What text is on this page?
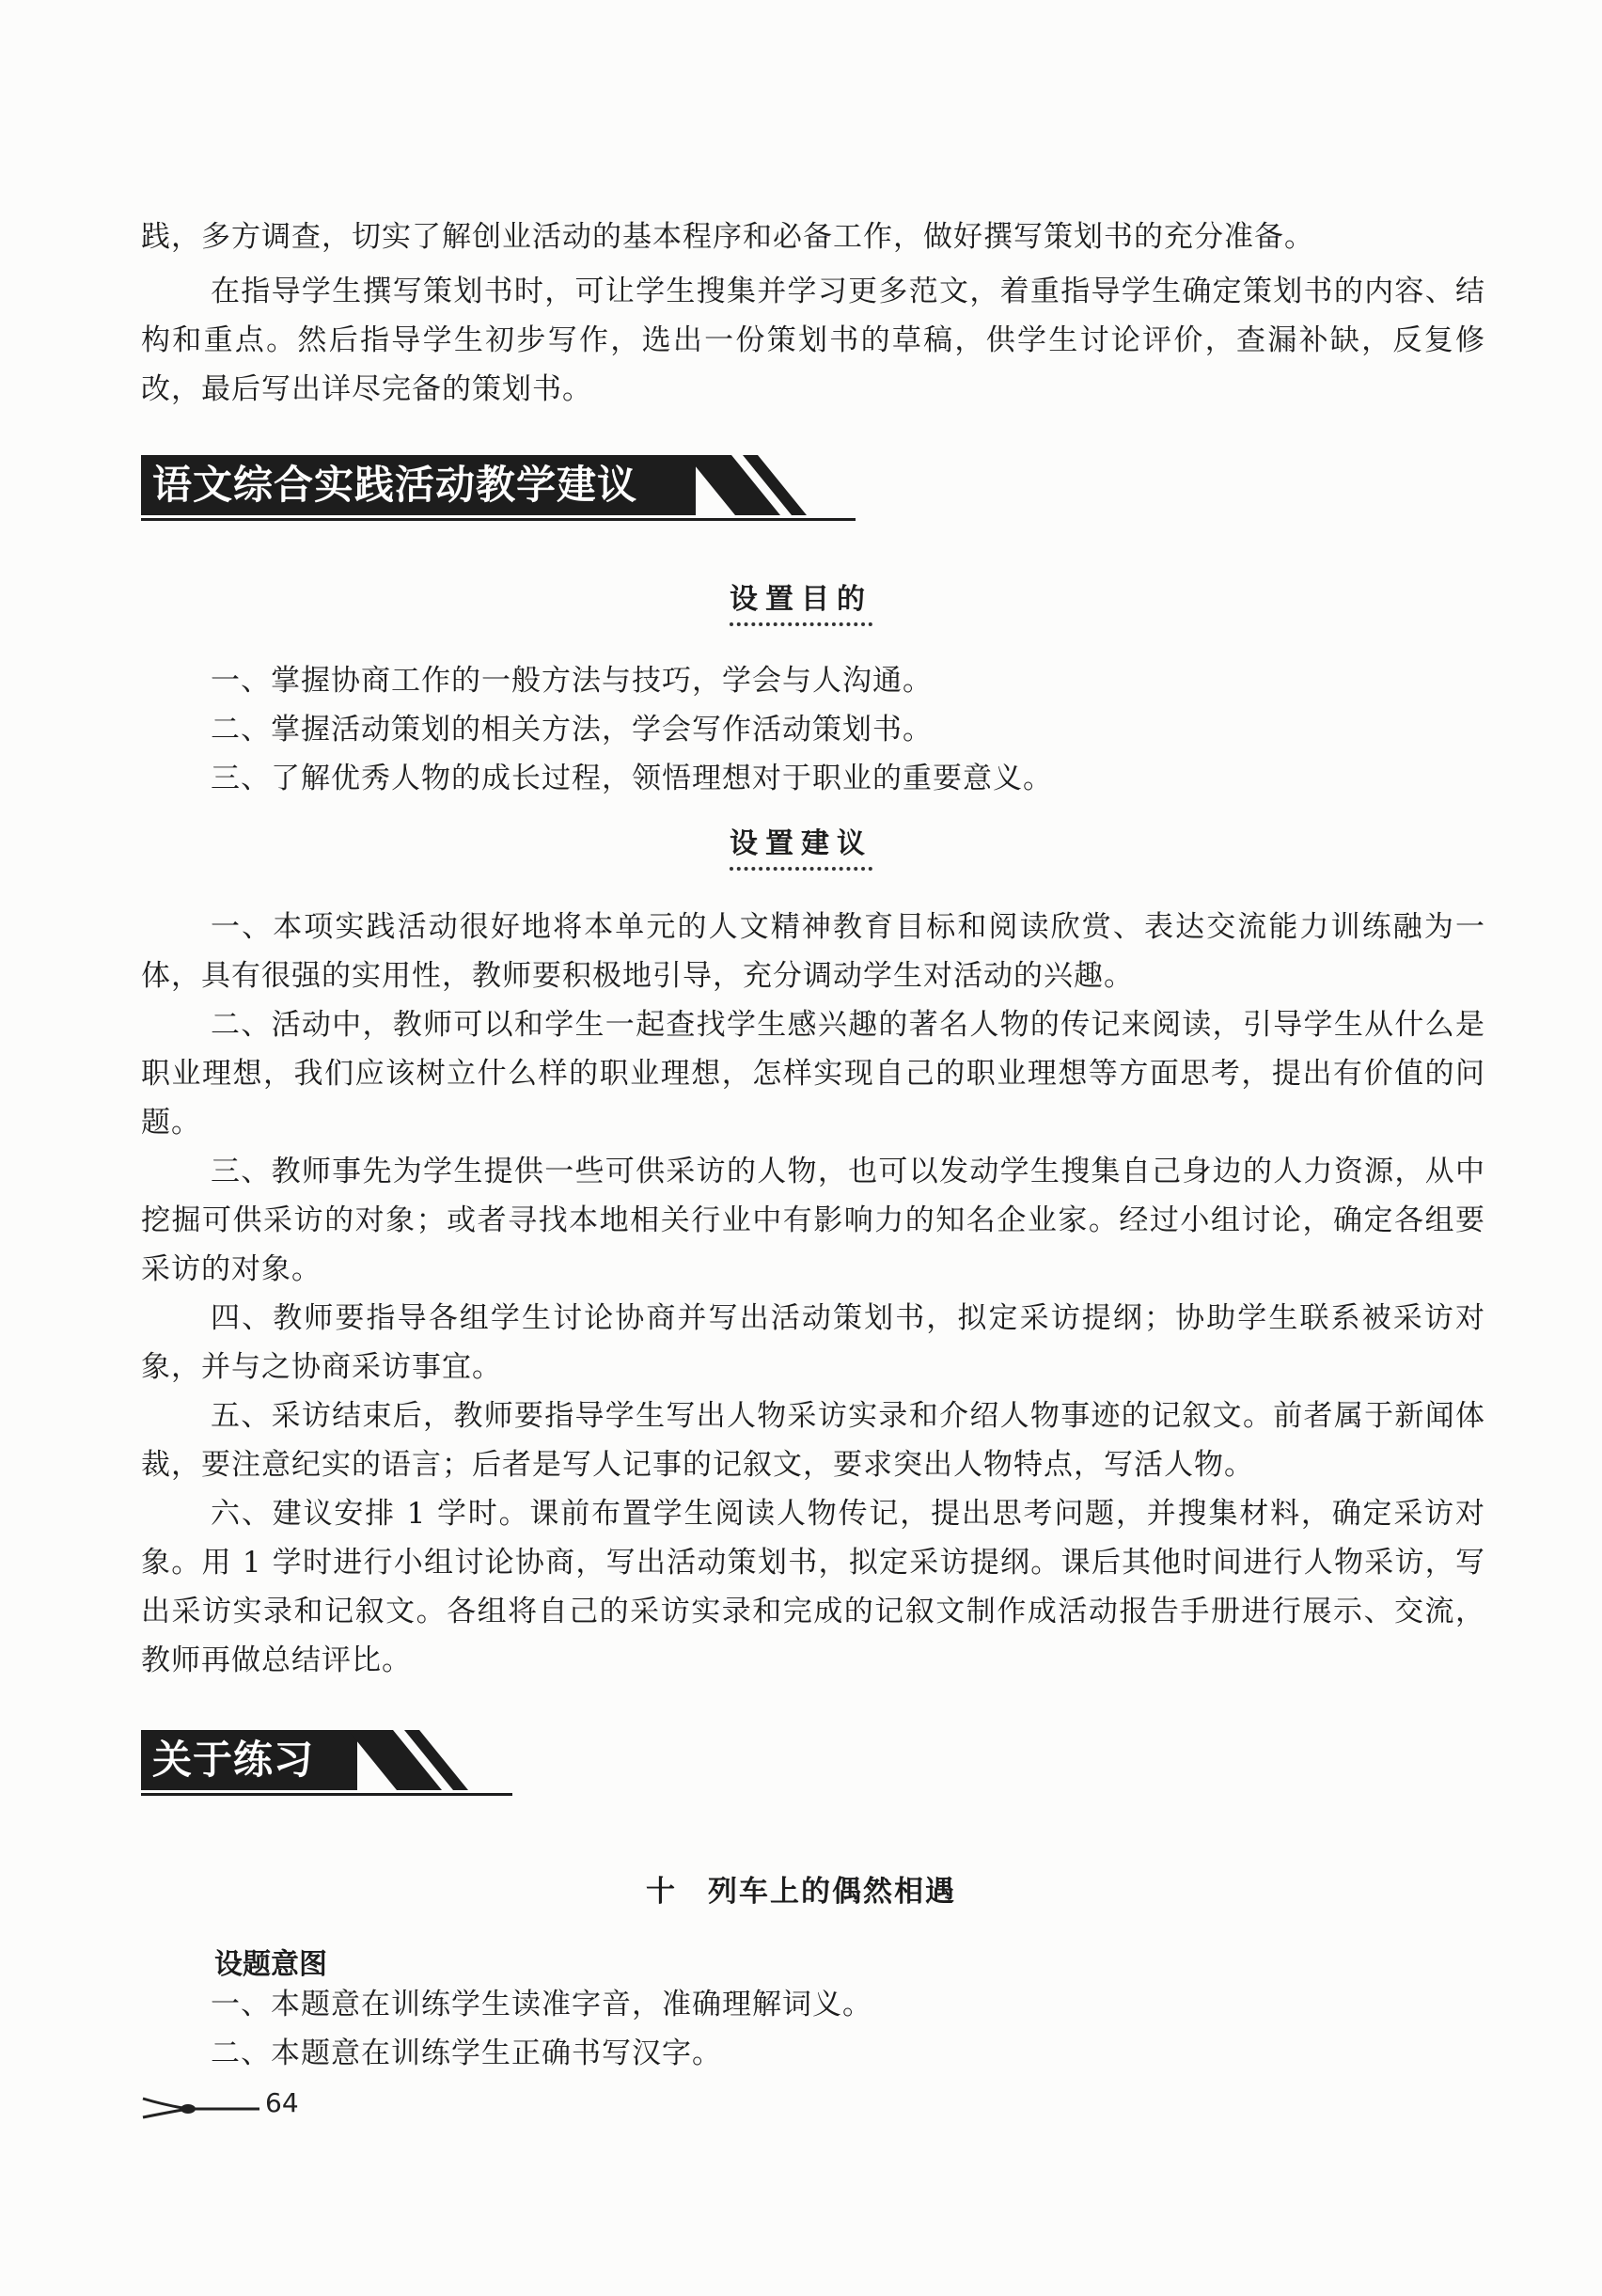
践，多方调查，切实了解创业活动的基本程序和必备工作，做好撰写策划书的充分准备。

在指导学生撰写策划书时，可让学生搜集并学习更多范文，着重指导学生确定策划书的内容、结构和重点。然后指导学生初步写作，选出一份策划书的草稿，供学生讨论评价，查漏补缺，反复修改，最后写出详尽完备的策划书。

语文综合实践活动教学建议
设置目的

一、掌握协商工作的一般方法与技巧，学会与人沟通。

二、掌握活动策划的相关方法，学会写作活动策划书。

三、了解优秀人物的成长过程，领悟理想对于职业的重要意义。

设置建议

一、本项实践活动很好地将本单元的人文精神教育目标和阅读欣赏、表达交流能力训练融为一体，具有很强的实用性，教师要积极地引导，充分调动学生对活动的兴趣。

二、活动中，教师可以和学生一起查找学生感兴趣的著名人物的传记来阅读，引导学生从什么是职业理想，我们应该树立什么样的职业理想，怎样实现自己的职业理想等方面思考，提出有价值的问题。

三、教师事先为学生提供一些可供采访的人物，也可以发动学生搜集自己身边的人力资源，从中挖掘可供采访的对象；或者寻找本地相关行业中有影响力的知名企业家。经过小组讨论，确定各组要采访的对象。

四、教师要指导各组学生讨论协商并写出活动策划书，拟定采访提纲；协助学生联系被采访对象，并与之协商采访事宜。

五、采访结束后，教师要指导学生写出人物采访实录和介绍人物事迹的记叙文。前者属于新闻体裁，要注意纪实的语言；后者是写人记事的记叙文，要求突出人物特点，写活人物。

六、建议安排 1 学时。课前布置学生阅读人物传记，提出思考问题，并搜集材料，确定采访对象。用 1 学时进行小组讨论协商，写出活动策划书，拟定采访提纲。课后其他时间进行人物采访，写出采访实录和记叙文。各组将自己的采访实录和完成的记叙文制作成活动报告手册进行展示、交流，教师再做总结评比。

关于练习
十　列车上的偶然相遇
设题意图

一、本题意在训练学生读准字音，准确理解词义。

二、本题意在训练学生正确书写汉字。

64
